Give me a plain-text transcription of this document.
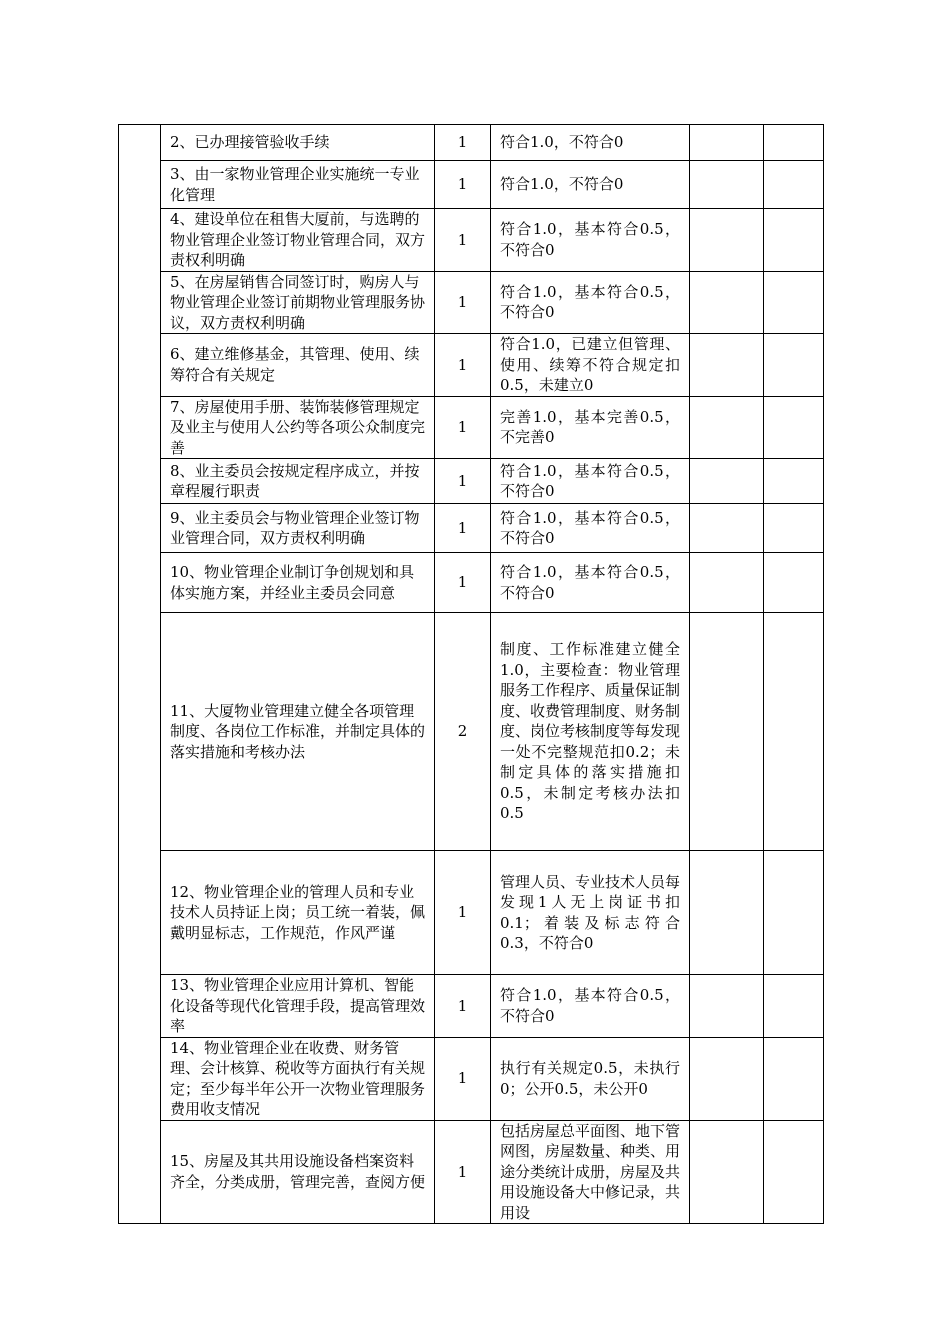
	2、已办理接管验收手续	1	符合1.0，不符合0		
	3、由一家物业管理企业实施统一专业化管理	1	符合1.0，不符合0		
	4、建设单位在租售大厦前，与选聘的物业管理企业签订物业管理合同，双方责权利明确	1	符合1.0，基本符合0.5，不符合0		
	5、在房屋销售合同签订时，购房人与物业管理企业签订前期物业管理服务协议，双方责权利明确	1	符合1.0，基本符合0.5，不符合0		
	6、建立维修基金，其管理、使用、续筹符合有关规定	1	符合1.0，已建立但管理、使用、续筹不符合规定扣0.5，未建立0		
	7、房屋使用手册、装饰装修管理规定及业主与使用人公约等各项公众制度完善	1	完善1.0，基本完善0.5，不完善0		
	8、业主委员会按规定程序成立，并按章程履行职责	1	符合1.0，基本符合0.5，不符合0		
	9、业主委员会与物业管理企业签订物业管理合同，双方责权利明确	1	符合1.0，基本符合0.5，不符合0		
	10、物业管理企业制订争创规划和具体实施方案，并经业主委员会同意	1	符合1.0，基本符合0.5，不符合0		
	11、大厦物业管理建立健全各项管理制度、各岗位工作标准，并制定具体的落实措施和考核办法	2	制度、工作标准建立健全1.0，主要检查：物业管理服务工作程序、质量保证制度、收费管理制度、财务制度、岗位考核制度等每发现一处不完整规范扣0.2；未制定具体的落实措施扣0.5，未制定考核办法扣0.5		
	12、物业管理企业的管理人员和专业技术人员持证上岗；员工统一着装，佩戴明显标志，工作规范，作风严谨	1	管理人员、专业技术人员每发现1人无上岗证书扣0.1；着装及标志符合0.3，不符合0		
	13、物业管理企业应用计算机、智能化设备等现代化管理手段，提高管理效率	1	符合1.0，基本符合0.5，不符合0		
	14、物业管理企业在收费、财务管理、会计核算、税收等方面执行有关规定；至少每半年公开一次物业管理服务费用收支情况	1	执行有关规定0.5，未执行0；公开0.5，未公开0		
	15、房屋及其共用设施设备档案资料齐全，分类成册，管理完善，查阅方便	1	包括房屋总平面图、地下管网图，房屋数量、种类、用途分类统计成册，房屋及共用设施设备大中修记录，共用设		
